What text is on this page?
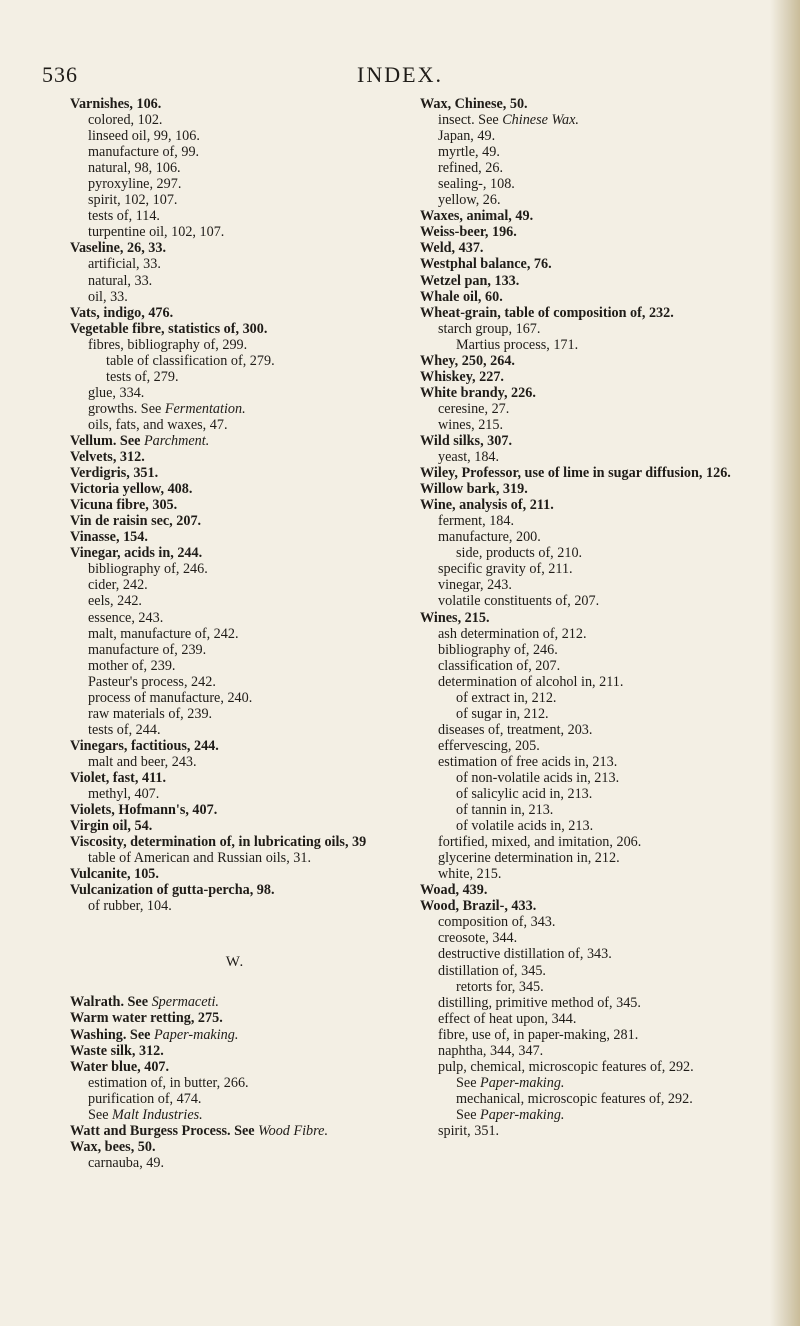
536	INDEX.
Varnishes, 106.
colored, 102.
linseed oil, 99, 106.
manufacture of, 99.
natural, 98, 106.
pyroxyline, 297.
spirit, 102, 107.
tests of, 114.
turpentine oil, 102, 107.
Vaseline, 26, 33.
artificial, 33.
natural, 33.
oil, 33.
Vats, indigo, 476.
Vegetable fibre, statistics of, 300.
fibres, bibliography of, 299.
table of classification of, 279.
tests of, 279.
glue, 334.
growths. See Fermentation.
oils, fats, and waxes, 47.
Vellum. See Parchment.
Velvets, 312.
Verdigris, 351.
Victoria yellow, 408.
Vicuna fibre, 305.
Vin de raisin sec, 207.
Vinasse, 154.
Vinegar, acids in, 244.
bibliography of, 246.
cider, 242.
eels, 242.
essence, 243.
malt, manufacture of, 242.
manufacture of, 239.
mother of, 239.
Pasteur's process, 242.
process of manufacture, 240.
raw materials of, 239.
tests of, 244.
Vinegars, factitious, 244.
malt and beer, 243.
Violet, fast, 411.
methyl, 407.
Violets, Hofmann's, 407.
Virgin oil, 54.
Viscosity, determination of, in lubricating oils, 39
table of American and Russian oils, 31.
Vulcanite, 105.
Vulcanization of gutta-percha, 98.
of rubber, 104.
W.
Walrath. See Spermaceti.
Warm water retting, 275.
Washing. See Paper-making.
Waste silk, 312.
Water blue, 407.
estimation of, in butter, 266.
purification of, 474.
See Malt Industries.
Watt and Burgess Process. See Wood Fibre.
Wax, bees, 50.
carnauba, 49.
Wax, Chinese, 50.
insect. See Chinese Wax.
Japan, 49.
myrtle, 49.
refined, 26.
sealing-, 108.
yellow, 26.
Waxes, animal, 49.
Weiss-beer, 196.
Weld, 437.
Westphal balance, 76.
Wetzel pan, 133.
Whale oil, 60.
Wheat-grain, table of composition of, 232.
starch group, 167.
Martius process, 171.
Whey, 250, 264.
Whiskey, 227.
White brandy, 226.
ceresine, 27.
wines, 215.
Wild silks, 307.
yeast, 184.
Wiley, Professor, use of lime in sugar diffusion, 126.
Willow bark, 319.
Wine, analysis of, 211.
ferment, 184.
manufacture, 200.
side, products of, 210.
specific gravity of, 211.
vinegar, 243.
volatile constituents of, 207.
Wines, 215.
ash determination of, 212.
bibliography of, 246.
classification of, 207.
determination of alcohol in, 211.
of extract in, 212.
of sugar in, 212.
diseases of, treatment, 203.
effervescing, 205.
estimation of free acids in, 213.
of non-volatile acids in, 213.
of salicylic acid in, 213.
of tannin in, 213.
of volatile acids in, 213.
fortified, mixed, and imitation, 206.
glycerine determination in, 212.
white, 215.
Woad, 439.
Wood, Brazil-, 433.
composition of, 343.
creosote, 344.
destructive distillation of, 343.
distillation of, 345.
retorts for, 345.
distilling, primitive method of, 345.
effect of heat upon, 344.
fibre, use of, in paper-making, 281.
naphtha, 344, 347.
pulp, chemical, microscopic features of, 292.
See Paper-making.
mechanical, microscopic features of, 292.
See Paper-making.
spirit, 351.
